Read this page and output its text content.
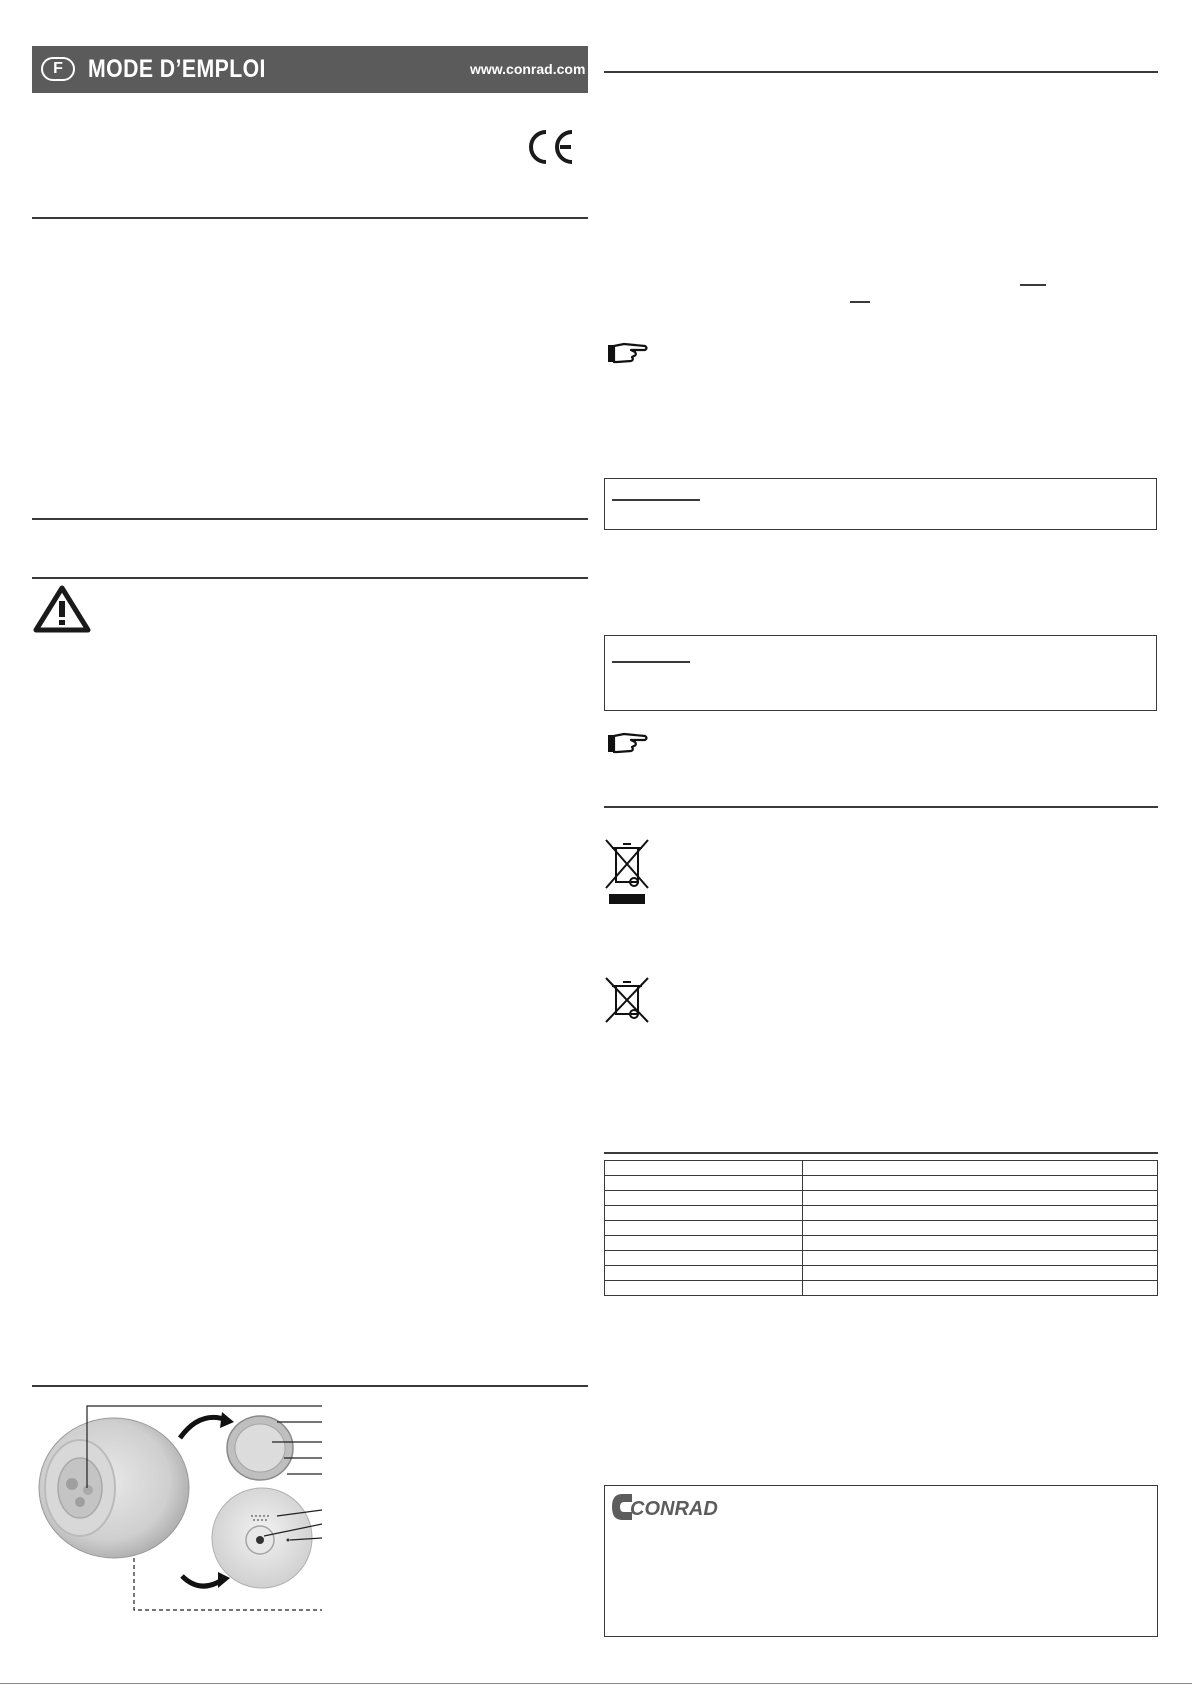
F	MODE D’EMPLOI	www.conrad.com

CONRAD
